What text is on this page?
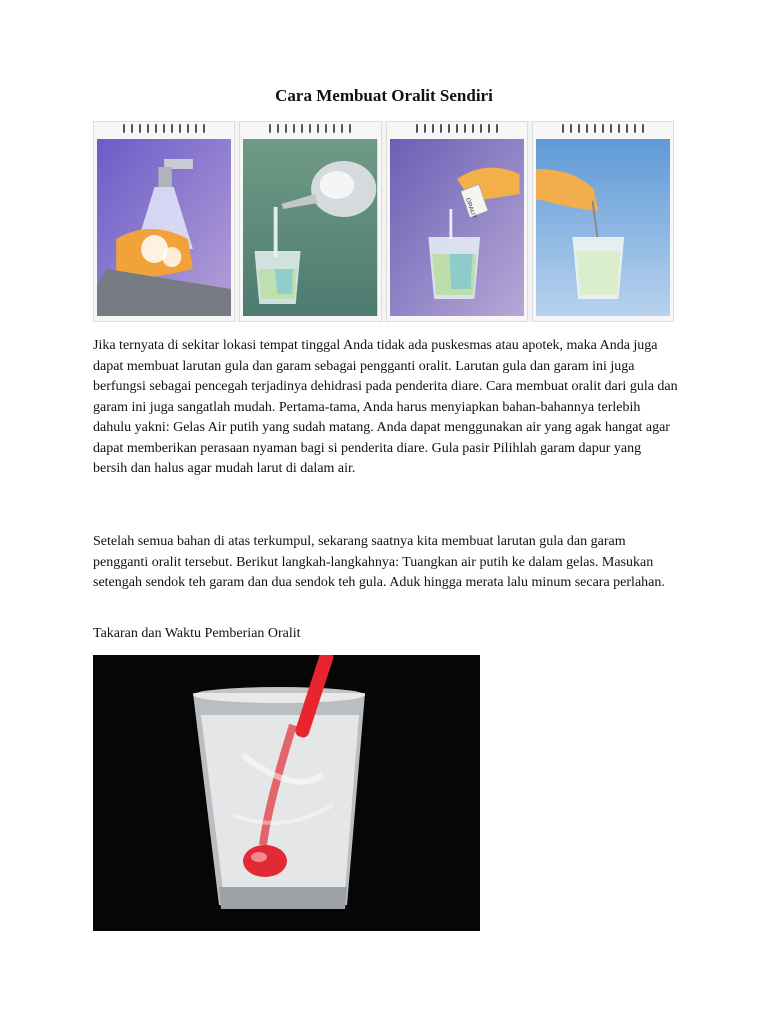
Cara Membuat Oralit Sendiri
ORALIT

Jika ternyata di sekitar lokasi tempat tinggal Anda tidak ada puskesmas atau apotek, maka Anda juga dapat membuat larutan gula dan garam sebagai pengganti oralit. Larutan gula dan garam ini juga berfungsi sebagai pencegah terjadinya dehidrasi pada penderita diare. Cara membuat oralit dari gula dan garam ini juga sangatlah mudah. Pertama-tama, Anda harus menyiapkan bahan-bahannya terlebih dahulu yakni: Gelas Air putih yang sudah matang. Anda dapat menggunakan air yang agak hangat agar dapat memberikan perasaan nyaman bagi si penderita diare. Gula pasir Pilihlah garam dapur yang bersih dan halus agar mudah larut di dalam air.

Setelah semua bahan di atas terkumpul, sekarang saatnya kita membuat larutan gula dan garam pengganti oralit tersebut. Berikut langkah-langkahnya: Tuangkan air putih ke dalam gelas. Masukan setengah sendok teh garam dan dua sendok teh gula. Aduk hingga merata lalu minum secara perlahan.

Takaran dan Waktu Pemberian Oralit
